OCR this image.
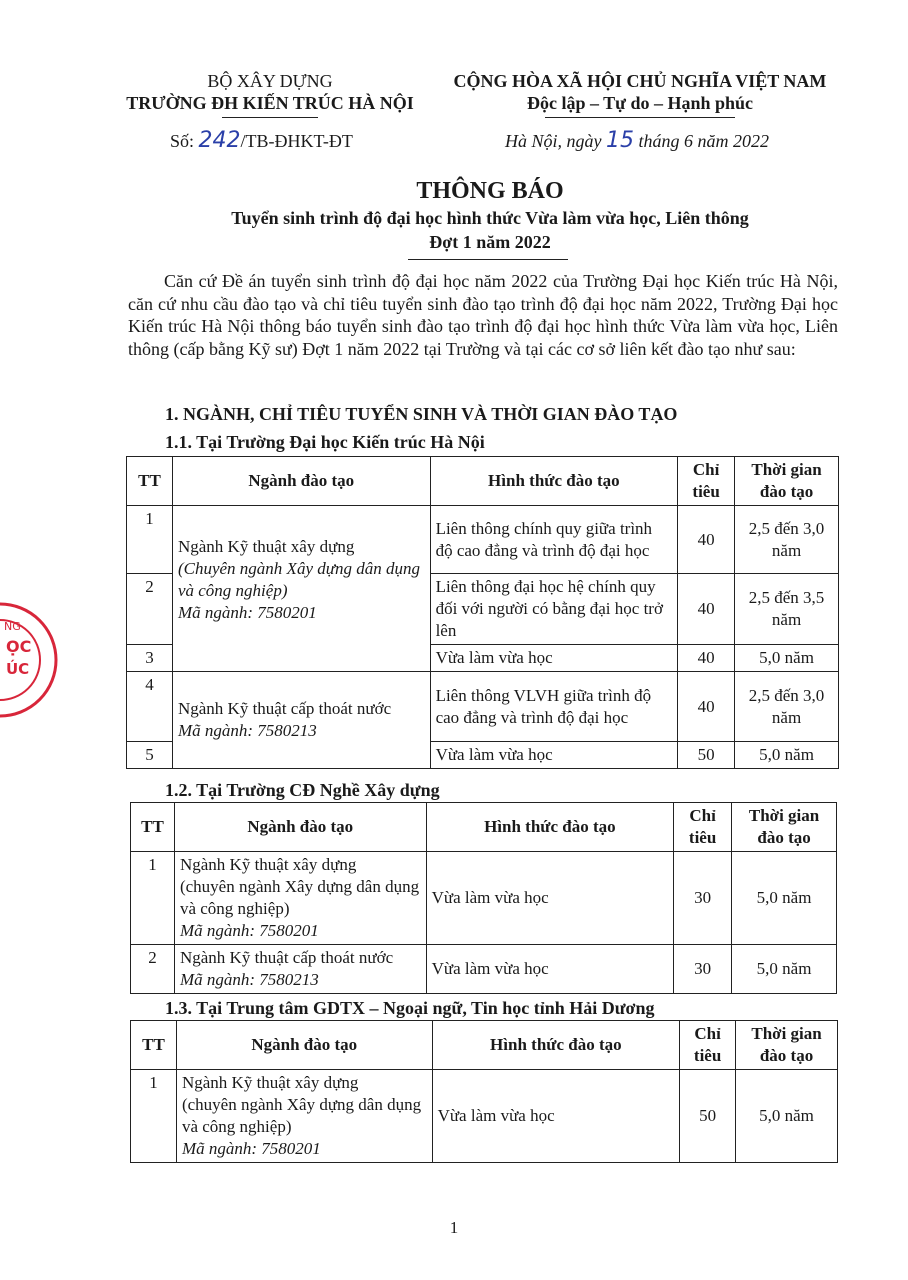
BỘ XÂY DỰNG
TRƯỜNG ĐH KIẾN TRÚC HÀ NỘI
Số: 242/TB-ĐHKT-ĐT
CỘNG HÒA XÃ HỘI CHỦ NGHĨA VIỆT NAM
Độc lập – Tự do – Hạnh phúc
Hà Nội, ngày 15 tháng 6 năm 2022
THÔNG BÁO
Tuyển sinh trình độ đại học hình thức Vừa làm vừa học, Liên thông
Đợt 1 năm 2022
Căn cứ Đề án tuyển sinh trình độ đại học năm 2022 của Trường Đại học Kiến trúc Hà Nội, căn cứ nhu cầu đào tạo và chỉ tiêu tuyển sinh đào tạo trình độ đại học năm 2022, Trường Đại học Kiến trúc Hà Nội thông báo tuyển sinh đào tạo trình độ đại học hình thức Vừa làm vừa học, Liên thông (cấp bằng Kỹ sư) Đợt 1 năm 2022 tại Trường và tại các cơ sở liên kết đào tạo như sau:
1. NGÀNH, CHỈ TIÊU TUYỂN SINH VÀ THỜI GIAN ĐÀO TẠO
1.1. Tại Trường Đại học Kiến trúc Hà Nội
TT	Ngành đào tạo	Hình thức đào tạo	Chỉ
tiêu	Thời gian
đào tạo
1	Ngành Kỹ thuật xây dựng
(Chuyên ngành Xây dựng dân dụng và công nghiệp)
Mã ngành: 7580201	Liên thông chính quy giữa trình độ cao đẳng và trình độ đại học	40	2,5 đến 3,0 năm
2		Liên thông đại học hệ chính quy đối với người có bằng đại học trở lên	40	2,5 đến 3,5 năm
3		Vừa làm vừa học	40	5,0 năm
4	Ngành Kỹ thuật cấp thoát nước
Mã ngành: 7580213	Liên thông VLVH giữa trình độ cao đẳng và trình độ đại học	40	2,5 đến 3,0 năm
5		Vừa làm vừa học	50	5,0 năm
1.2. Tại Trường CĐ Nghề Xây dựng
TT	Ngành đào tạo	Hình thức đào tạo	Chỉ
tiêu	Thời gian
đào tạo
1	Ngành Kỹ thuật xây dựng
(chuyên ngành Xây dựng dân dụng và công nghiệp)
Mã ngành: 7580201	Vừa làm vừa học	30	5,0 năm
2	Ngành Kỹ thuật cấp thoát nước
Mã ngành: 7580213	Vừa làm vừa học	30	5,0 năm
1.3. Tại Trung tâm GDTX – Ngoại ngữ, Tin học tỉnh Hải Dương
TT	Ngành đào tạo	Hình thức đào tạo	Chỉ
tiêu	Thời gian
đào tạo
1	Ngành Kỹ thuật xây dựng
(chuyên ngành Xây dựng dân dụng và công nghiệp)
Mã ngành: 7580201	Vừa làm vừa học	50	5,0 năm
ỌC
ÚC
NG
1
